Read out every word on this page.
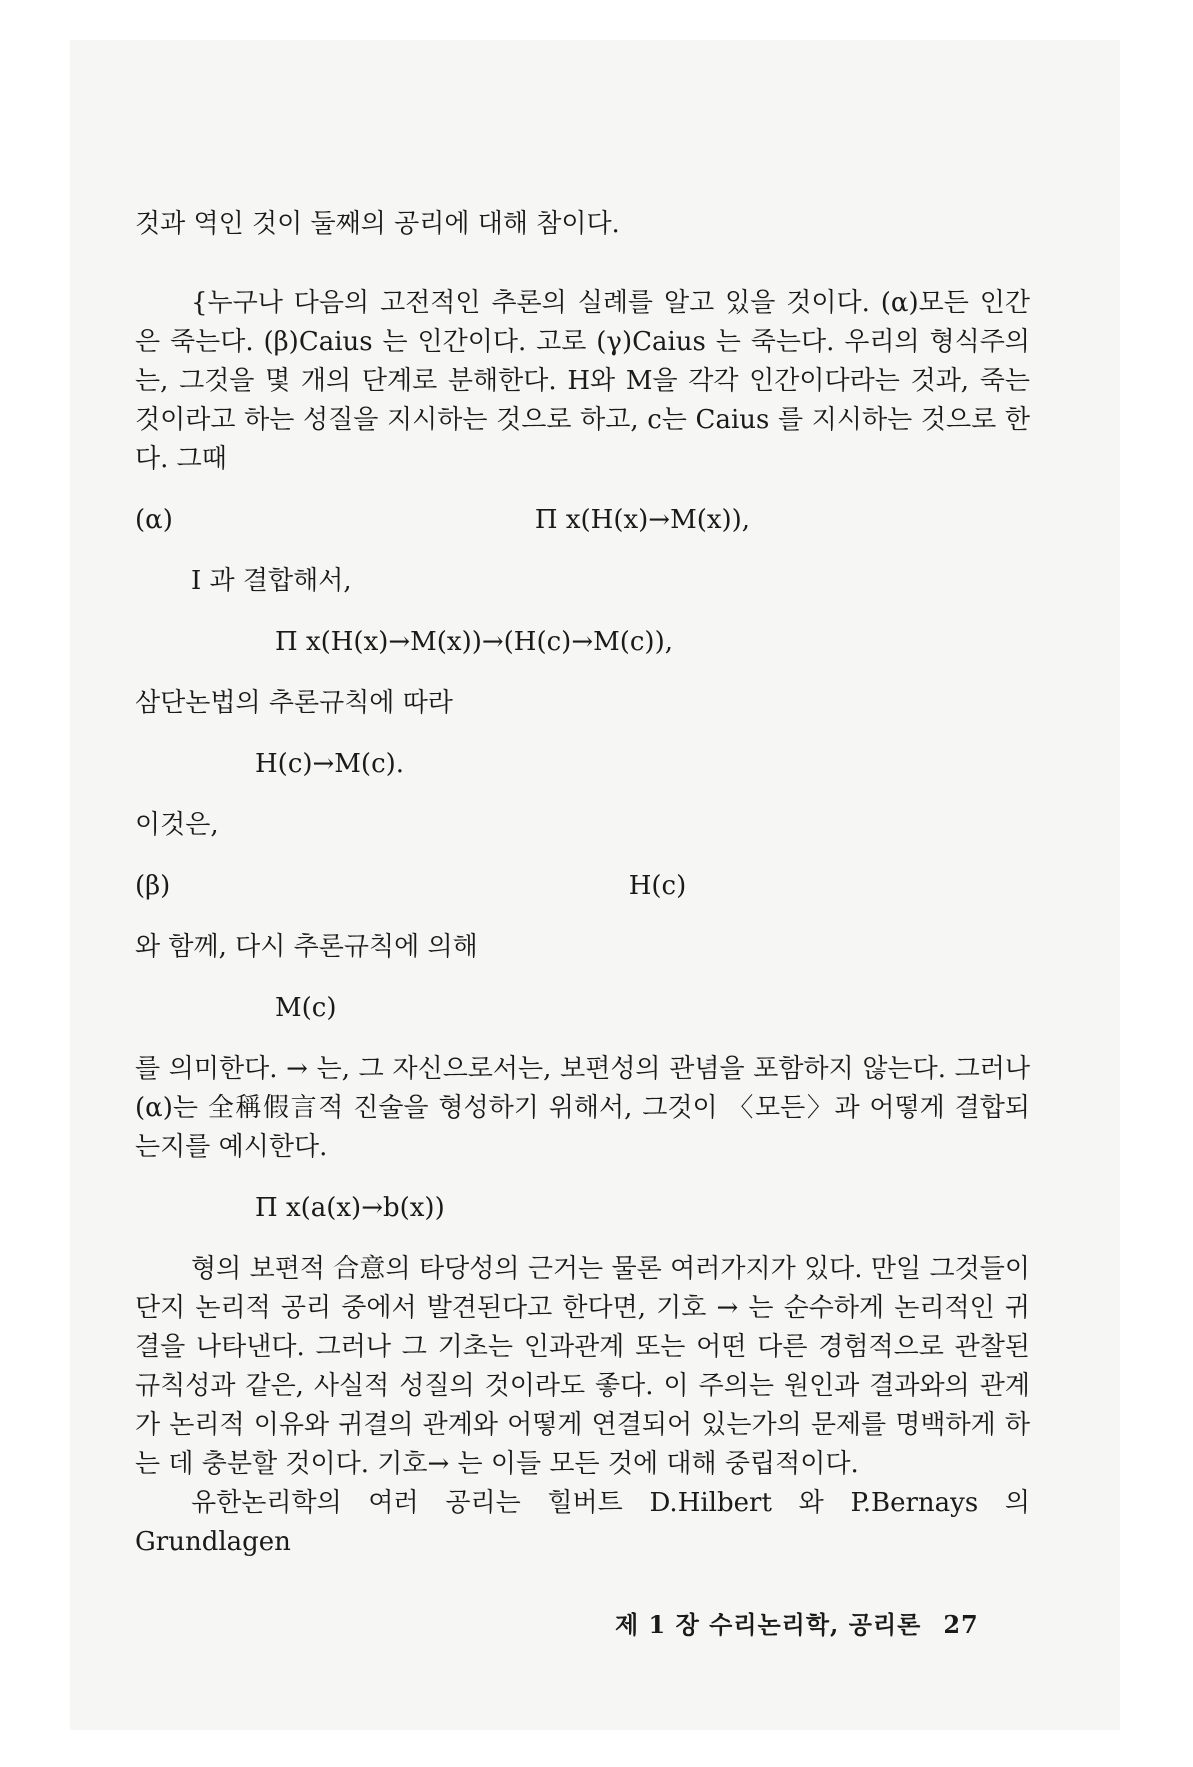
것과 역인 것이 둘째의 공리에 대해 참이다.

{누구나 다음의 고전적인 추론의 실례를 알고 있을 것이다. (α)모든 인간은 죽는다. (β)Caius 는 인간이다. 고로 (γ)Caius 는 죽는다. 우리의 형식주의는, 그것을 몇 개의 단계로 분해한다. H와 M을 각각 인간이다라는 것과, 죽는 것이라고 하는 성질을 지시하는 것으로 하고, c는 Caius 를 지시하는 것으로 한다. 그때

(α)	Π x(H(x)→M(x)),

I 과 결합해서,

Π x(H(x)→M(x))→(H(c)→M(c)),

삼단논법의 추론규칙에 따라

H(c)→M(c).

이것은,

(β)	H(c)

와 함께, 다시 추론규칙에 의해

M(c)

를 의미한다. → 는, 그 자신으로서는, 보편성의 관념을 포함하지 않는다. 그러나 (α)는 全稱假言적 진술을 형성하기 위해서, 그것이 〈모든〉과 어떻게 결합되는지를 예시한다.

Π x(a(x)→b(x))

형의 보편적 合意의 타당성의 근거는 물론 여러가지가 있다. 만일 그것들이 단지 논리적 공리 중에서 발견된다고 한다면, 기호 → 는 순수하게 논리적인 귀결을 나타낸다. 그러나 그 기초는 인과관계 또는 어떤 다른 경험적으로 관찰된 규칙성과 같은, 사실적 성질의 것이라도 좋다. 이 주의는 원인과 결과와의 관계가 논리적 이유와 귀결의 관계와 어떻게 연결되어 있는가의 문제를 명백하게 하는 데 충분할 것이다. 기호→ 는 이들 모든 것에 대해 중립적이다.

유한논리학의 여러 공리는 힐버트 D.Hilbert 와 P.Bernays 의 Grundlagen

제 1 장 수리논리학, 공리론 27
